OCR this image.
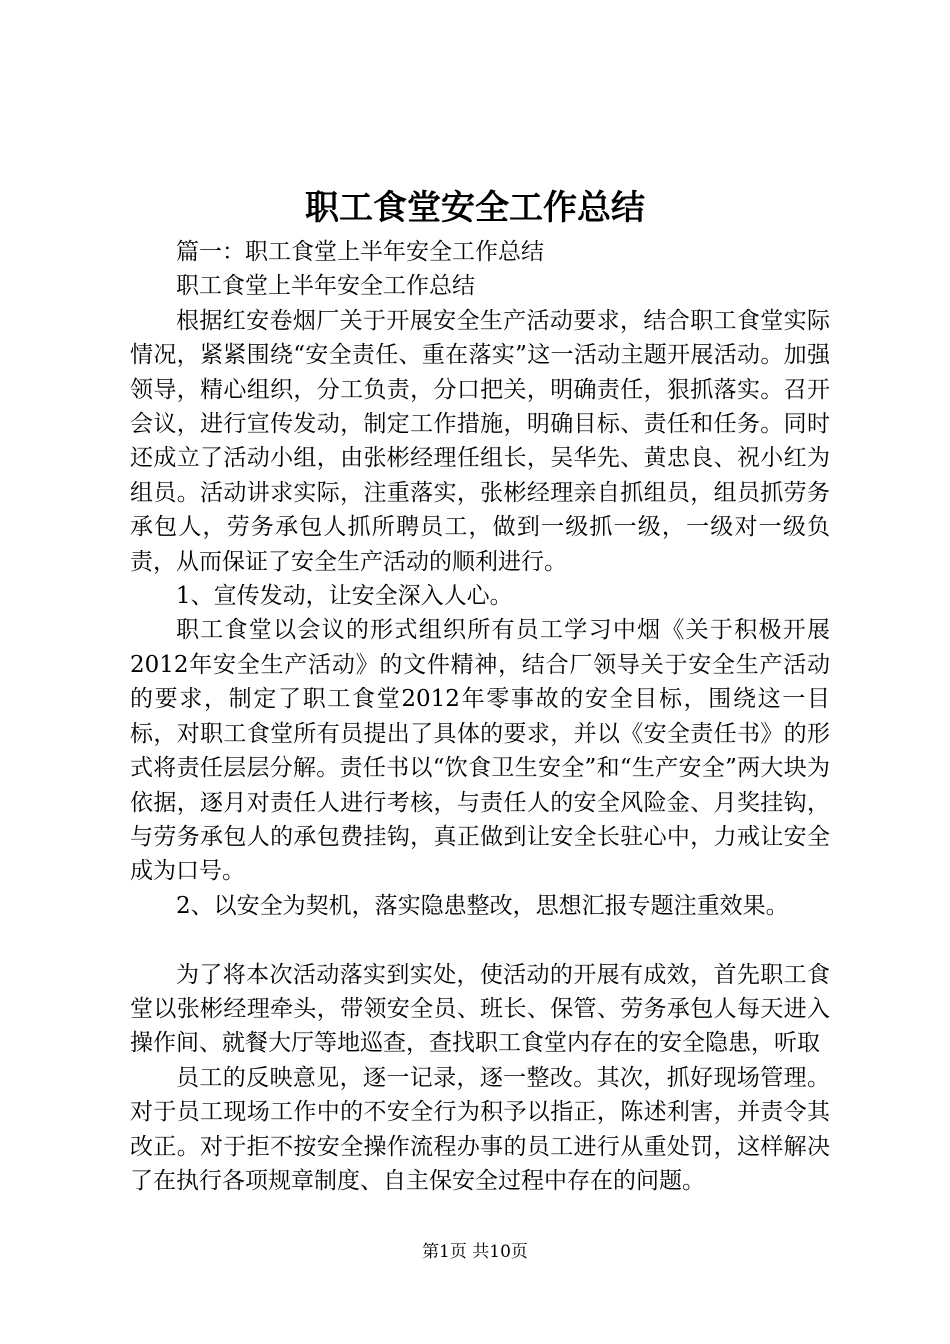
职工食堂安全工作总结

篇一：职工食堂上半年安全工作总结

职工食堂上半年安全工作总结

根据红安卷烟厂关于开展安全生产活动要求，结合职工食堂实际情况，紧紧围绕“安全责任、重在落实”这一活动主题开展活动。加强领导，精心组织，分工负责，分口把关，明确责任，狠抓落实。召开会议，进行宣传发动，制定工作措施，明确目标、责任和任务。同时还成立了活动小组，由张彬经理任组长，吴华先、黄忠良、祝小红为组员。活动讲求实际，注重落实，张彬经理亲自抓组员，组员抓劳务承包人，劳务承包人抓所聘员工，做到一级抓一级，一级对一级负责，从而保证了安全生产活动的顺利进行。

1、宣传发动，让安全深入人心。

职工食堂以会议的形式组织所有员工学习中烟《关于积极开展2012年安全生产活动》的文件精神，结合厂领导关于安全生产活动的要求，制定了职工食堂2012年零事故的安全目标，围绕这一目标，对职工食堂所有员提出了具体的要求，并以《安全责任书》的形式将责任层层分解。责任书以“饮食卫生安全”和“生产安全”两大块为依据，逐月对责任人进行考核，与责任人的安全风险金、月奖挂钩，与劳务承包人的承包费挂钩，真正做到让安全长驻心中，力戒让安全成为口号。

2、以安全为契机，落实隐患整改，思想汇报专题注重效果。

为了将本次活动落实到实处，使活动的开展有成效，首先职工食堂以张彬经理牵头，带领安全员、班长、保管、劳务承包人每天进入操作间、就餐大厅等地巡查，查找职工食堂内存在的安全隐患，听取

员工的反映意见，逐一记录，逐一整改。其次，抓好现场管理。对于员工现场工作中的不安全行为积予以指正，陈述利害，并责令其改正。对于拒不按安全操作流程办事的员工进行从重处罚，这样解决了在执行各项规章制度、自主保安全过程中存在的问题。

第1页 共10页
